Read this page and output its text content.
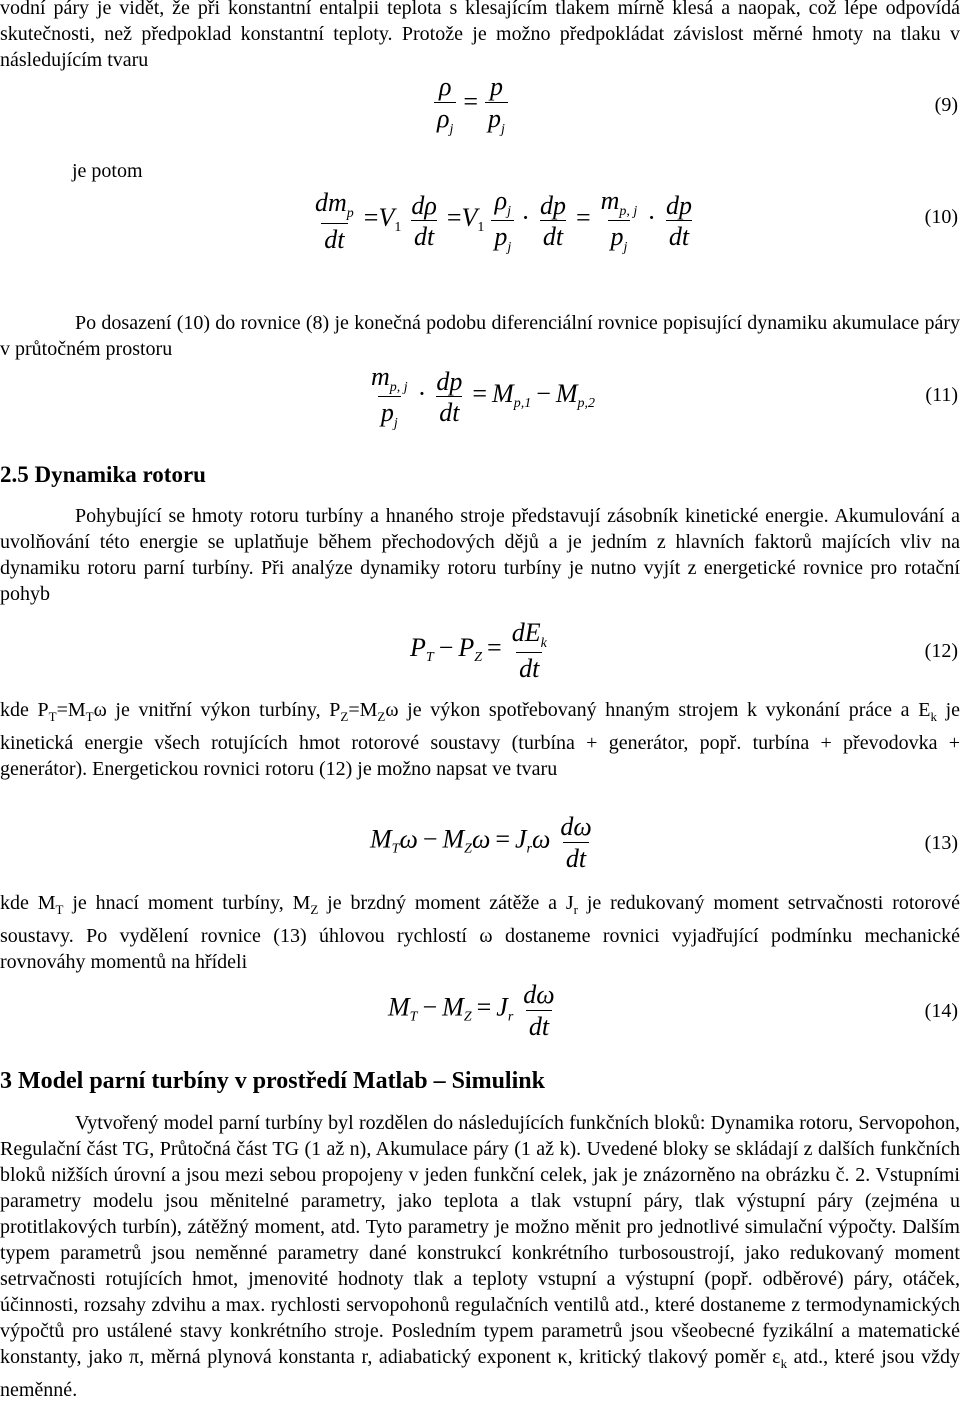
vodní páry je vidět, že při konstantní entalpii teplota s klesajícím tlakem mírně klesá a naopak, což lépe odpovídá skutečnosti, než předpoklad konstantní teploty. Protože je možno předpokládat závislost měrné hmoty na tlaku v následujícím tvaru

$\frac{\rho}{\rho_j} = \frac{p}{p_j}$	(9)
je potom
$\frac{dm_p}{dt} =V_1 \frac{d\rho}{dt} =V_1 \frac{\rho_j}{p_j} \cdot \frac{dp}{dt} = \frac{m_{p, j}}{p_j} \cdot \frac{dp}{dt}$	(10)

Po dosazení (10) do rovnice (8) je konečná podobu diferenciální rovnice popisující dynamiku akumulace páry v průtočném prostoru

$\frac{m_{p, j}}{p_j} \cdot \frac{dp}{dt} = M_{p,1} - M_{p,2}$	(11)
2.5 Dynamika rotoru

Pohybující se hmoty rotoru turbíny a hnaného stroje představují zásobník kinetické energie. Akumulování a uvolňování této energie se uplatňuje během přechodových dějů a je jedním z hlavních faktorů majících vliv na dynamiku rotoru parní turbíny. Při analýze dynamiky rotoru turbíny je nutno vyjít z energetické rovnice pro rotační pohyb

$P_T - P_Z = \frac{dE_k}{dt}$	(12)

kde $P_T=M_T\omega$ je vnitřní výkon turbíny, $P_Z=M_Z\omega$ je výkon spotřebovaný hnaným strojem k vykonání práce a $E_k$ je kinetická energie všech rotujících hmot rotorové soustavy (turbína + generátor, popř. turbína + převodovka + generátor). Energetickou rovnici rotoru (12) je možno napsat ve tvaru

$M_T\omega - M_Z\omega = J_r\omega \frac{d\omega}{dt}$	(13)

kde $M_T$ je hnací moment turbíny, $M_Z$ je brzdný moment zátěže a $J_r$ je redukovaný moment setrvačnosti rotorové soustavy. Po vydělení rovnice (13) úhlovou rychlostí ω dostaneme rovnici vyjadřující podmínku mechanické rovnováhy momentů na hřídeli

$M_T - M_Z = J_r \frac{d\omega}{dt}$	(14)
3 Model parní turbíny v prostředí Matlab – Simulink

Vytvořený model parní turbíny byl rozdělen do následujících funkčních bloků: Dynamika rotoru, Servopohon, Regulační část TG, Průtočná část TG (1 až n), Akumulace páry (1 až k). Uvedené bloky se skládají z dalších funkčních bloků nižších úrovní a jsou mezi sebou propojeny v jeden funkční celek, jak je znázorněno na obrázku č. 2. Vstupními parametry modelu jsou měnitelné parametry, jako teplota a tlak vstupní páry, tlak výstupní páry (zejména u protitlakových turbín), zátěžný moment, atd. Tyto parametry je možno měnit pro jednotlivé simulační výpočty. Dalším typem parametrů jsou neměnné parametry dané konstrukcí konkrétního turbosoustrojí, jako redukovaný moment setrvačnosti rotujících hmot, jmenovité hodnoty tlak a teploty vstupní a výstupní (popř. odběrové) páry, otáček, účinnosti, rozsahy zdvihu a max. rychlosti servopohonů regulačních ventilů atd., které dostaneme z termodynamických výpočtů pro ustálené stavy konkrétního stroje. Posledním typem parametrů jsou všeobecné fyzikální a matematické konstanty, jako π, měrná plynová konstanta r, adiabatický exponent κ, kritický tlakový poměr $\varepsilon_k$ atd., které jsou vždy neměnné.
